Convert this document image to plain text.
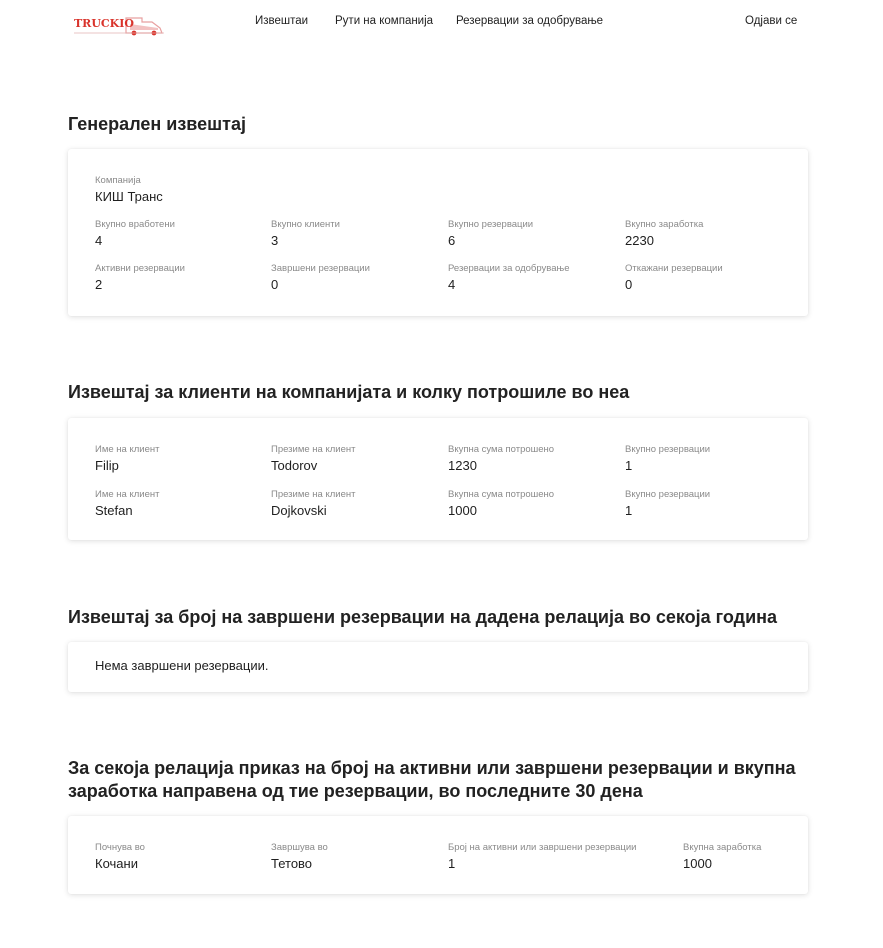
TRUCKIO	Извештаи Рути на компанија Резервации за одобрување	Одјави се
Генерален извештај
Компанија
КИШ Транс
Вкупно вработени
4
Вкупно клиенти
3
Вкупно резервации
6
Вкупно заработка
2230
Активни резервации
2
Завршени резервации
0
Резервации за одобрување
4
Откажани резервации
0
Извештај за клиенти на компанијата и колку потрошиле во неа
Име на клиент
Filip
Презиме на клиент
Todorov
Вкупна сума потрошено
1230
Вкупно резервации
1
Име на клиент
Stefan
Презиме на клиент
Dojkovski
Вкупна сума потрошено
1000
Вкупно резервации
1
Извештај за број на завршени резервации на дадена релација во секоја година
Нема завршени резервации.
За секоја релација приказ на број на активни или завршени резервации и вкупна заработка направена од тие резервации, во последните 30 дена
Почнува во
Кочани
Завршува во
Тетово
Број на активни или завршени резервации
1
Вкупна заработка
1000
